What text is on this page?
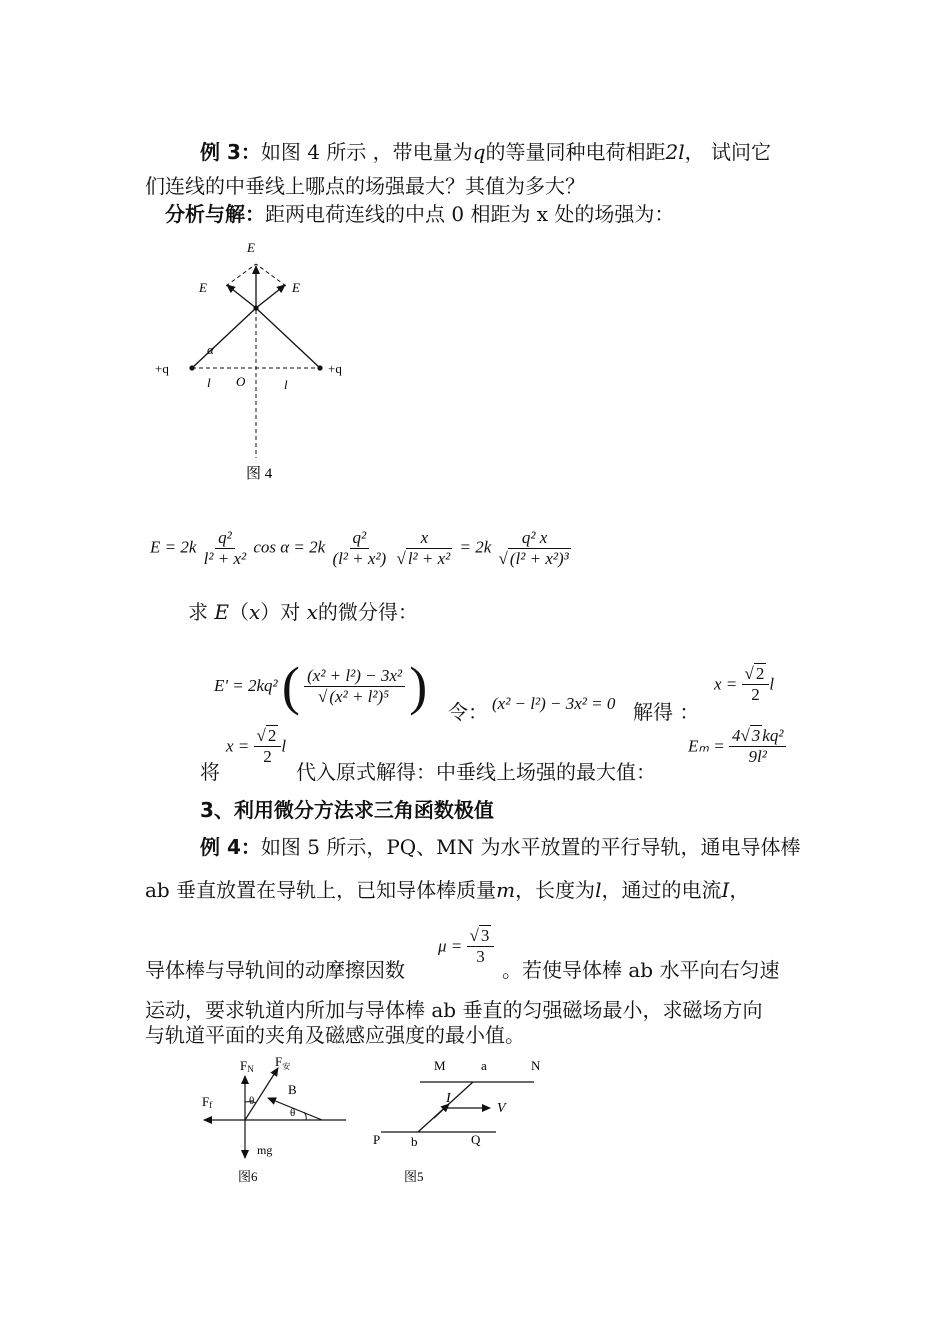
例 3：如图 4 所示 ，带电量为q的等量同种电荷相距2l， 试问它
们连线的中垂线上哪点的场强最大？其值为多大？
分析与解：距两电荷连线的中点 0 相距为 x 处的场强为：
E
E	E
α
+q	+q
l O	l
图 4
$E = 2k \frac{\text{q²}}{\text{l² + x²}}$ $\cos \alpha = 2k \frac{\text{q²}}{\text{(l² + x²)}}$
$\frac{x}{\text{√ l² + x²}} = 2k \frac{\text{q² x}}{\text{√ (l² + x²)³}}$
求 E（x）对 x的微分得：
E' = 2kq² ( $\frac{\text{(x² + l²) − 3x²}}{\text{√ (x² + l²)⁵}}$ ) 令： (x² − l²) − 3x² = 0 解得 ：
$x = \frac{√ 2}{2}$ l
将
$x = \frac{√ 2}{2}$ l
代入原式解得：中垂线上场强的最大值：
$E_m = \frac{\text{4√ 3 kq²}}{\text{9l²}}$
3、利用微分方法求三角函数极值
例 4：如图 5 所示，PQ、MN 为水平放置的平行导轨，通电导体棒
ab 垂直放置在导轨上，已知导体棒质量m，长度为l，通过的电流I，
导体棒与导轨间的动摩擦因数
$\mu = \frac{√ 3}{3}$
。若使导体棒 ab 水平向右匀速
运动，要求轨道内所加与导体棒 ab 垂直的匀强磁场最小，求磁场方向
与轨道平面的夹角及磁感应强度的最小值。
FN $F_安$
Ff
B
θ
θ
mg
图6
M	a	N
I
V
P b	Q
图5
